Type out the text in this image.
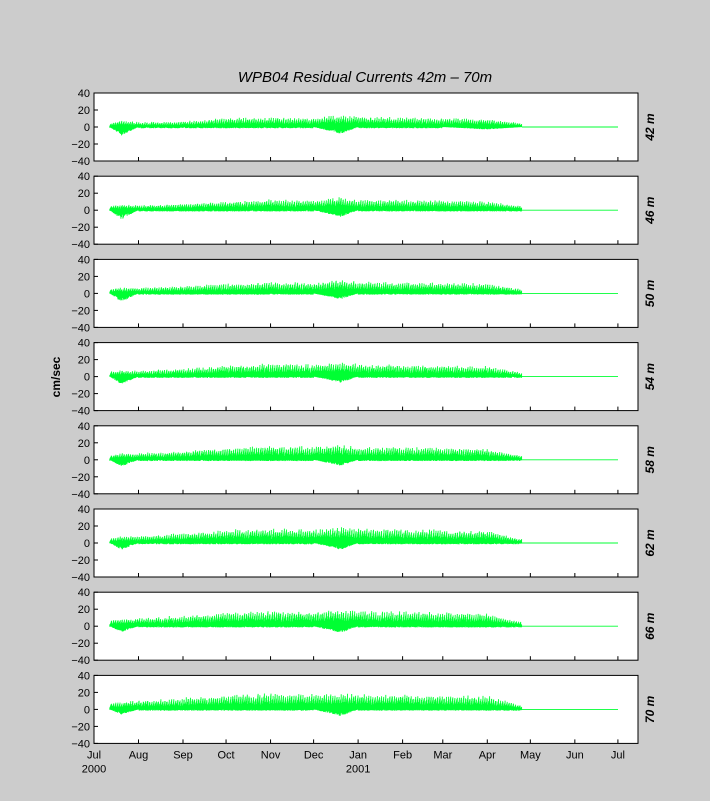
WPB04 Residual Currents 42m – 70m
cm/sec
40
20
0
−20
−40
42 m
40
20
0
−20
−40
46 m
40
20
0
−20
−40
50 m
40
20
0
−20
−40
54 m
40
20
0
−20
−40
58 m
40
20
0
−20
−40
62 m
40
20
0
−20
−40
66 m
40
20
0
−20
−40
70 m
Jul
2000
Aug Sep Oct Nov Dec Jan
2001
Feb Mar Apr May Jun Jul
